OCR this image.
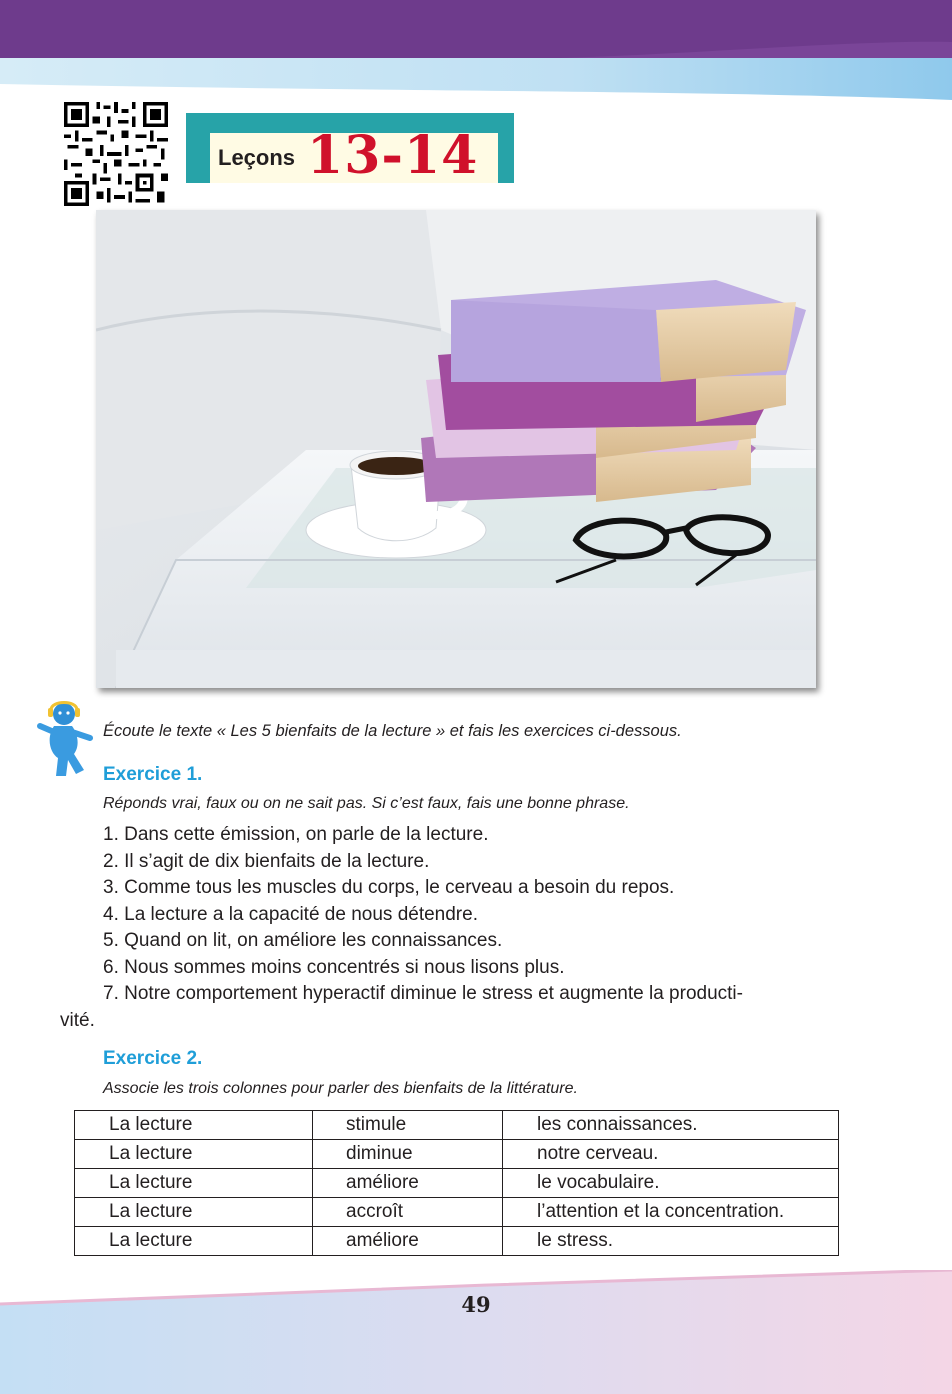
Leçons 13-14
Écoute le texte « Les 5 bienfaits de la lecture » et fais les exercices ci-dessous.
Exercice 1.
Réponds vrai, faux ou on ne sait pas. Si c’est faux, fais une bonne phrase.
1. Dans cette émission, on parle de la lecture.
2. Il s’agit de dix bienfaits de la lecture.
3. Comme tous les muscles du corps, le cerveau a besoin du repos.
4. La lecture a la capacité de nous détendre.
5. Quand on lit, on améliore les connaissances.
6. Nous sommes moins concentrés si nous lisons plus.
7. Notre comportement hyperactif diminue le stress et augmente la producti-
vité.
Exercice 2.
Associe les trois colonnes pour parler des bienfaits de la littérature.
La lecture	stimule	les connaissances.
La lecture	diminue	notre cerveau.
La lecture	améliore	le vocabulaire.
La lecture	accroît	l’attention et la concentration.
La lecture	améliore	le stress.
49
